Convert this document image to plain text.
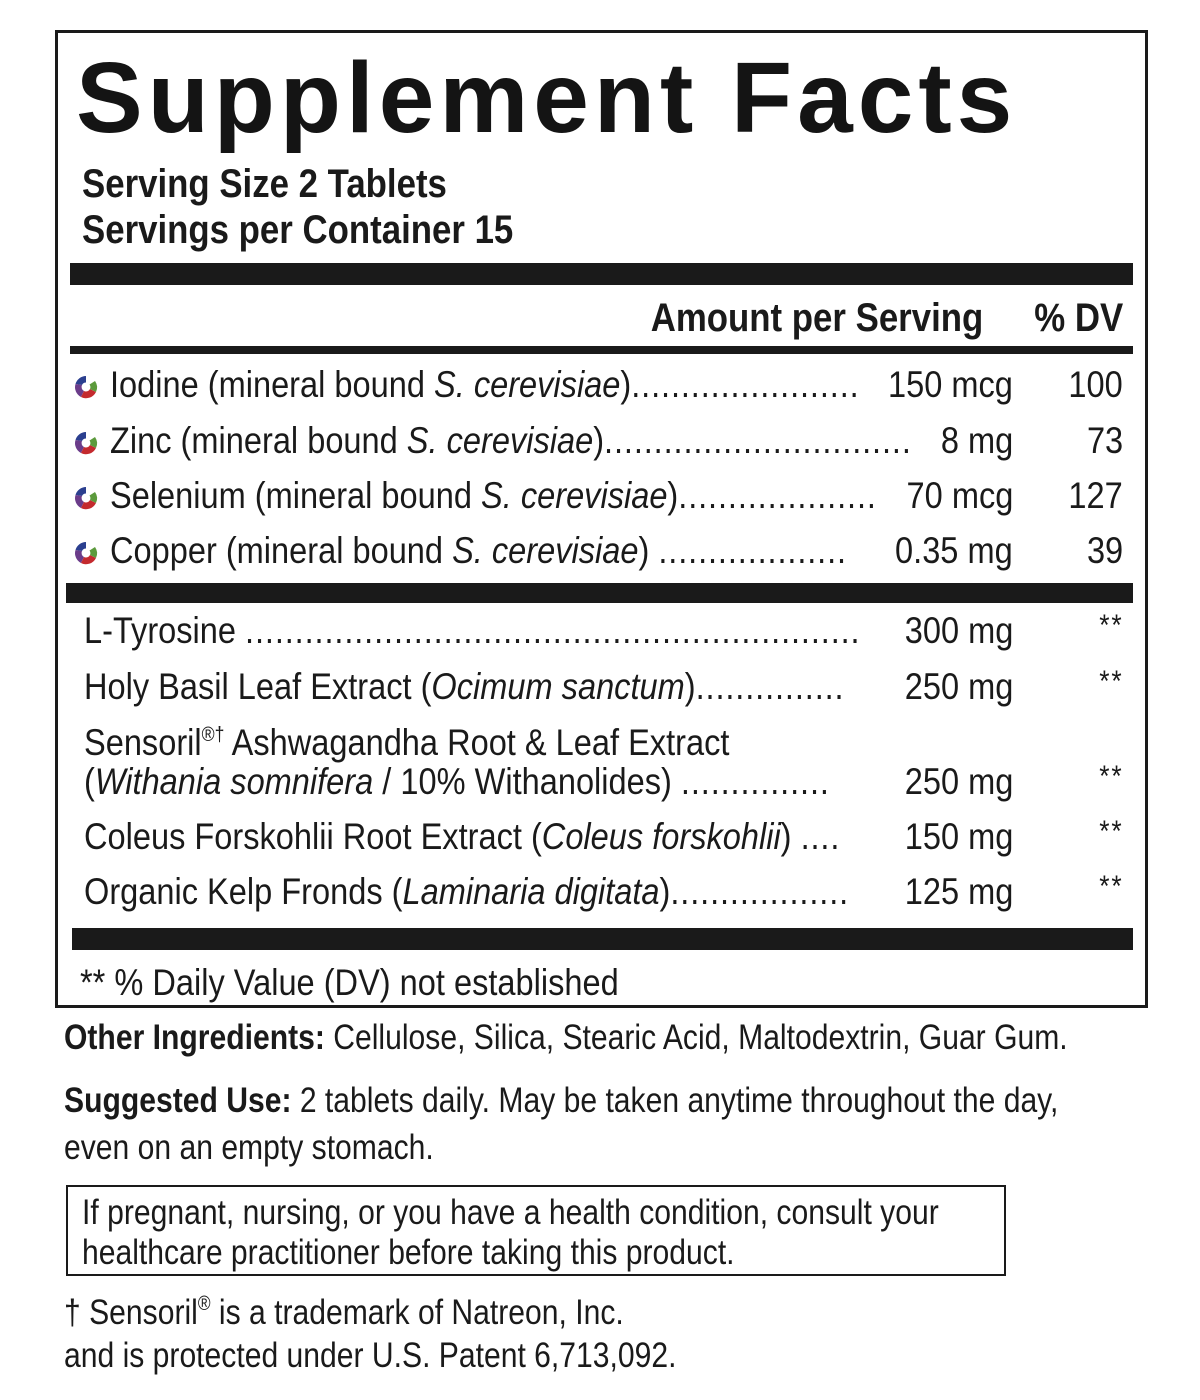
Supplement Facts
Serving Size 2 Tablets
Servings per Container 15
Amount per Serving % DV
Iodine (mineral bound S. cerevisiae)....................... 150 mcg 100
Zinc (mineral bound S. cerevisiae)............................... 8 mg 73
Selenium (mineral bound S. cerevisiae).................... 70 mcg 127
Copper (mineral bound S. cerevisiae) ................... 0.35 mg 39
L-Tyrosine .............................................................. 300 mg	**
Holy Basil Leaf Extract (Ocimum sanctum)............... 250 mg	**
Sensoril®† Ashwagandha Root & Leaf Extract
(Withania somnifera / 10% Withanolides) ............... 250 mg	**
Coleus Forskohlii Root Extract (Coleus forskohlii) .... 150 mg	**
Organic Kelp Fronds (Laminaria digitata).................. 125 mg	**
** % Daily Value (DV) not established
Other Ingredients: Cellulose, Silica, Stearic Acid, Maltodextrin, Guar Gum.
Suggested Use: 2 tablets daily. May be taken anytime throughout the day,
even on an empty stomach.
If pregnant, nursing, or you have a health condition, consult your
healthcare practitioner before taking this product.
† Sensoril® is a trademark of Natreon, Inc.
and is protected under U.S. Patent 6,713,092.
